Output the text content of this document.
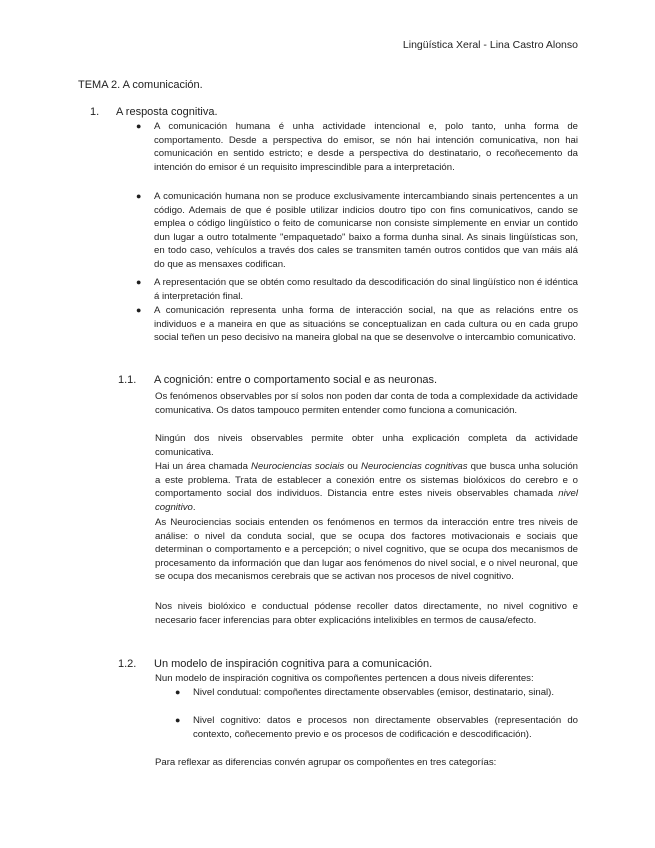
Lingüística Xeral - Lina Castro Alonso
TEMA 2. A comunicación.
1. A resposta cognitiva.
● A comunicación humana é unha actividade intencional e, polo tanto, unha forma de comportamento. Desde a perspectiva do emisor, se nón hai intención comunicativa, non hai comunicación en sentido estricto; e desde a perspectiva do destinatario, o recoñecemento da intención do emisor é un requisito imprescindible para a interpretación.
● A comunicación humana non se produce exclusivamente intercambiando sinais pertencentes a un código. Ademais de que é posible utilizar indicios doutro tipo con fins comunicativos, cando se emplea o código lingüístico o feito de comunicarse non consiste simplemente en enviar un contido dun lugar a outro totalmente "empaquetado" baixo a forma dunha sinal. As sinais lingüísticas son, en todo caso, vehículos a través dos cales se transmiten tamén outros contidos que van máis alá do que as mensaxes codifican.
● A representación que se obtén como resultado da descodificación do sinal lingüístico non é idéntica á interpretación final.
● A comunicación representa unha forma de interacción social, na que as relacións entre os individuos e a maneira en que as situacións se conceptualizan en cada cultura ou en cada grupo social teñen un peso decisivo na maneira global na que se desenvolve o intercambio comunicativo.
1.1. A cognición: entre o comportamento social e as neuronas.
Os fenómenos observables por sí solos non poden dar conta de toda a complexidade da actividade comunicativa. Os datos tampouco permiten entender como funciona a comunicación.
Ningún dos niveis observables permite obter unha explicación completa da actividade comunicativa.
Hai un área chamada Neurociencias sociais ou Neurociencias cognitivas que busca unha solución a este problema. Trata de establecer a conexión entre os sistemas biolóxicos do cerebro e o comportamento social dos individuos. Distancia entre estes niveis observables chamada nivel cognitivo.
As Neurociencias sociais entenden os fenómenos en termos da interacción entre tres niveis de análise: o nivel da conduta social, que se ocupa dos factores motivacionais e sociais que determinan o comportamento e a percepción; o nivel cognitivo, que se ocupa dos mecanismos de procesamento da información que dan lugar aos fenómenos do nivel social, e o nivel neuronal, que se ocupa dos mecanismos cerebrais que se activan nos procesos de nivel cognitivo.
Nos niveis biolóxico e conductual pódense recoller datos directamente, no nivel cognitivo e necesario facer inferencias para obter explicacións intelixibles en termos de causa/efecto.
1.2. Un modelo de inspiración cognitiva para a comunicación.
Nun modelo de inspiración cognitiva os compoñentes pertencen a dous niveis diferentes:
● Nivel condutual: compoñentes directamente observables (emisor, destinatario, sinal).
● Nivel cognitivo: datos e procesos non directamente observables (representación do contexto, coñecemento previo e os procesos de codificación e descodificación).
Para reflexar as diferencias convén agrupar os compoñentes en tres categorías:
